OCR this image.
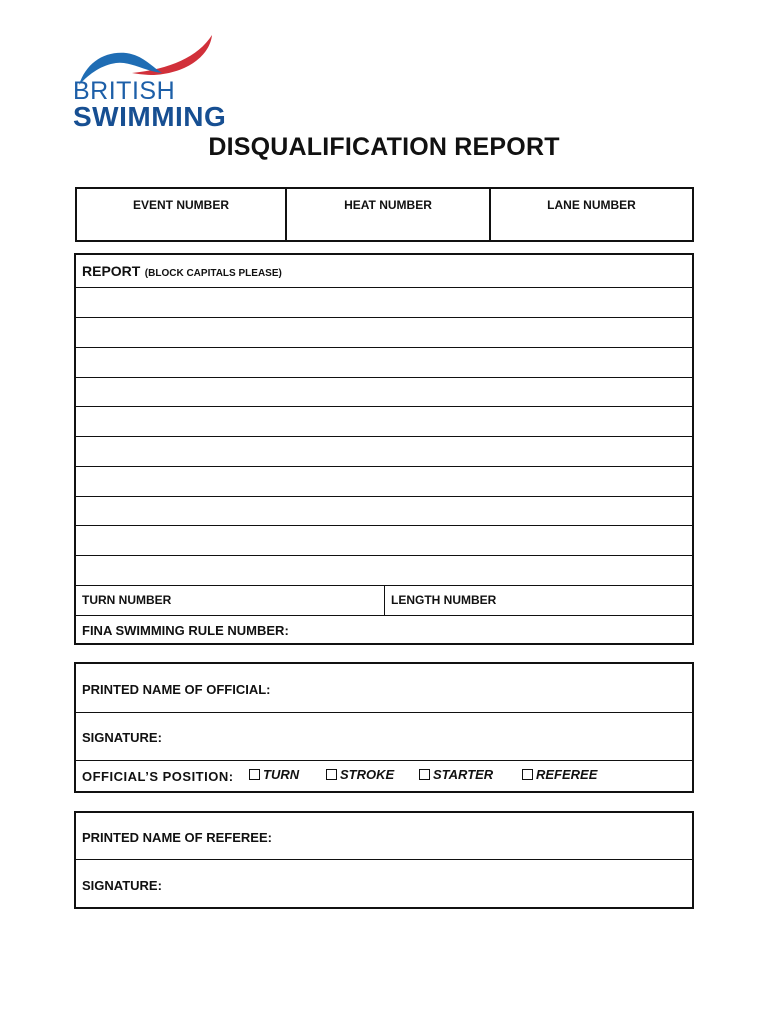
BRITISH
SWIMMING
DISQUALIFICATION REPORT
EVENT NUMBER	HEAT NUMBER	LANE NUMBER
REPORT (BLOCK CAPITALS PLEASE)
TURN NUMBER	LENGTH NUMBER
FINA SWIMMING RULE NUMBER:
PRINTED NAME OF OFFICIAL:
SIGNATURE:
OFFICIAL’S POSITION:	TURN	STROKE	STARTER	REFEREE
PRINTED NAME OF REFEREE:
SIGNATURE:
